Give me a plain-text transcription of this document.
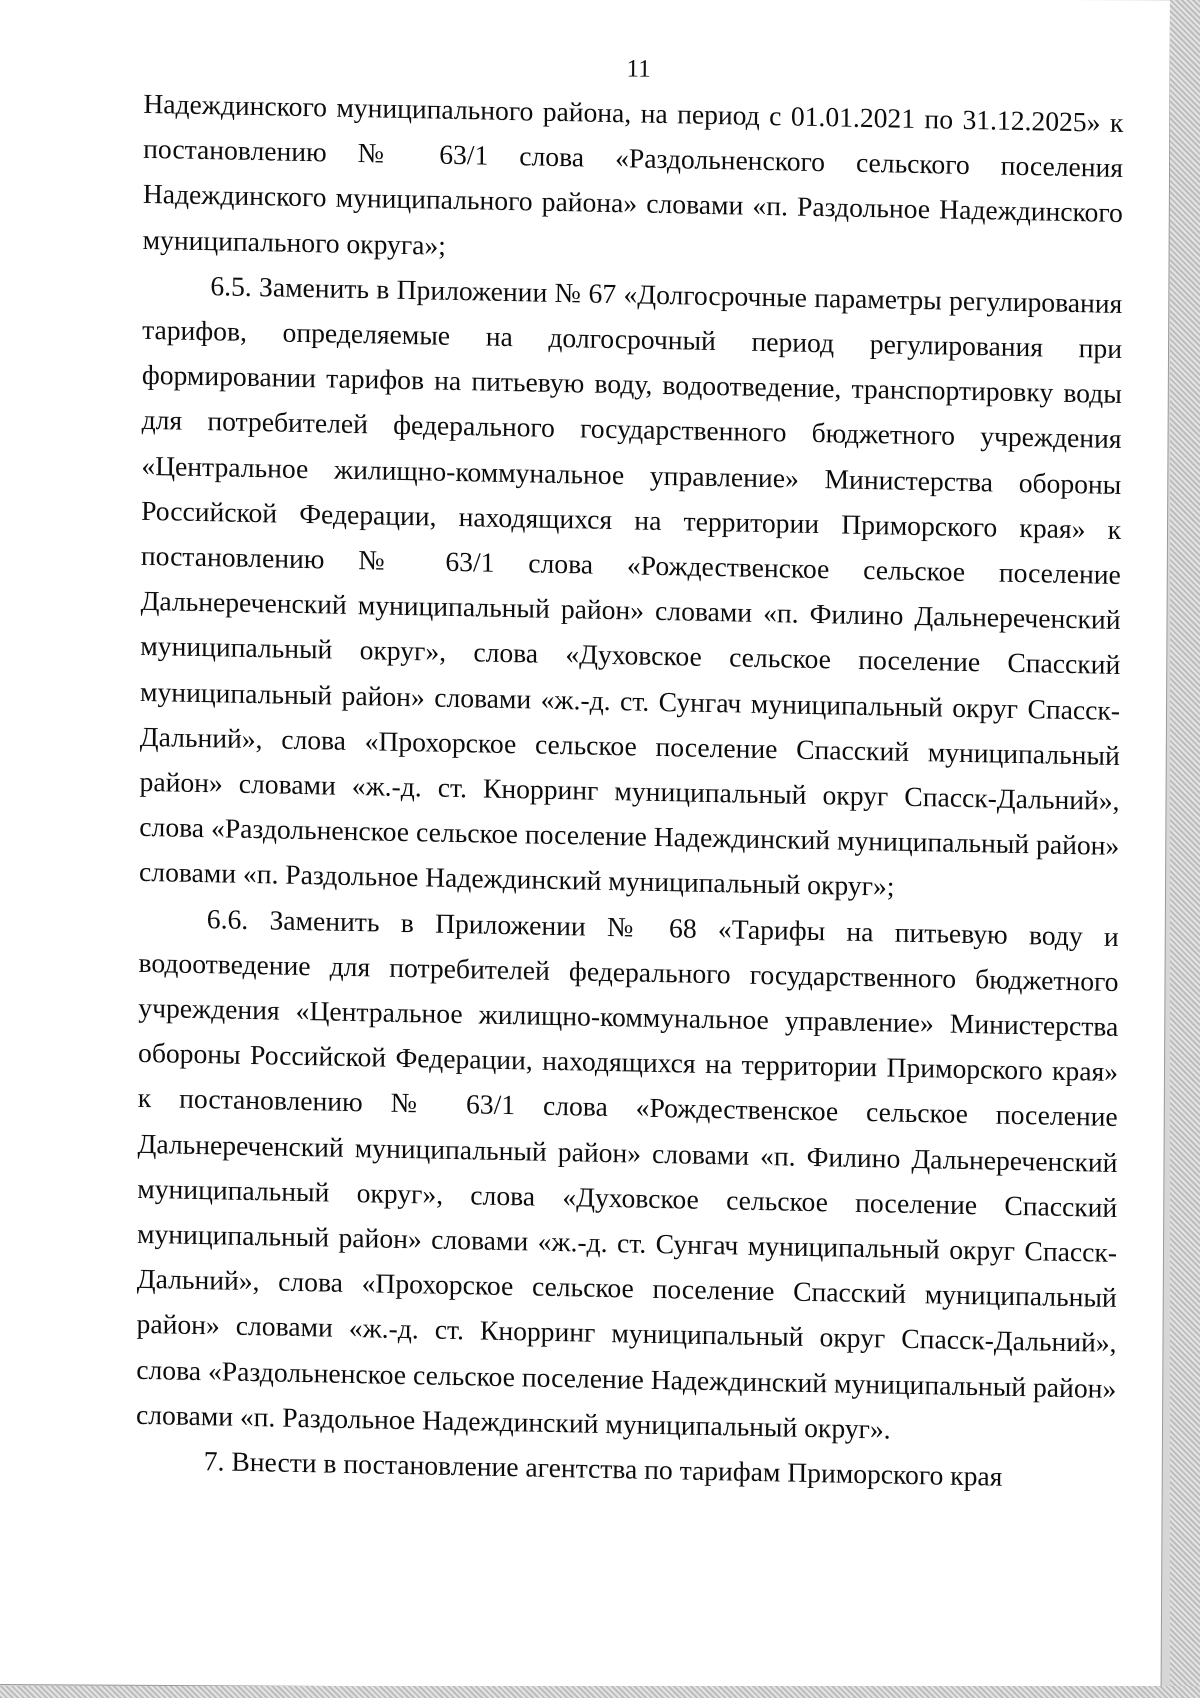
11

Надеждинского муниципального района, на период с 01.01.2021 по 31.12.2025» к постановлению № 63/1 слова «Раздольненского сельского поселения Надеждинского муниципального района» словами «п. Раздольное Надеждинского муниципального округа»;

6.5. Заменить в Приложении № 67 «Долгосрочные параметры регулирования тарифов, определяемые на долгосрочный период регулирования при формировании тарифов на питьевую воду, водоотведение, транспортировку воды для потребителей федерального государственного бюджетного учреждения «Центральное жилищно-коммунальное управление» Министерства обороны Российской Федерации, находящихся на территории Приморского края» к постановлению № 63/1 слова «Рождественское сельское поселение Дальнереченский муниципальный район» словами «п. Филино Дальнереченский муниципальный округ», слова «Духовское сельское поселение Спасский муниципальный район» словами «ж.-д. ст. Сунгач муниципальный округ Спасск-Дальний», слова «Прохорское сельское поселение Спасский муниципальный район» словами «ж.-д. ст. Кнорринг муниципальный округ Спасск-Дальний», слова «Раздольненское сельское поселение Надеждинский муниципальный район» словами «п. Раздольное Надеждинский муниципальный округ»;

6.6. Заменить в Приложении № 68 «Тарифы на питьевую воду и водоотведение для потребителей федерального государственного бюджетного учреждения «Центральное жилищно-коммунальное управление» Министерства обороны Российской Федерации, находящихся на территории Приморского края» к постановлению № 63/1 слова «Рождественское сельское поселение Дальнереченский муниципальный район» словами «п. Филино Дальнереченский муниципальный округ», слова «Духовское сельское поселение Спасский муниципальный район» словами «ж.-д. ст. Сунгач муниципальный округ Спасск-Дальний», слова «Прохорское сельское поселение Спасский муниципальный район» словами «ж.-д. ст. Кнорринг муниципальный округ Спасск-Дальний», слова «Раздольненское сельское поселение Надеждинский муниципальный район» словами «п. Раздольное Надеждинский муниципальный округ».

7. Внести в постановление агентства по тарифам Приморского края
